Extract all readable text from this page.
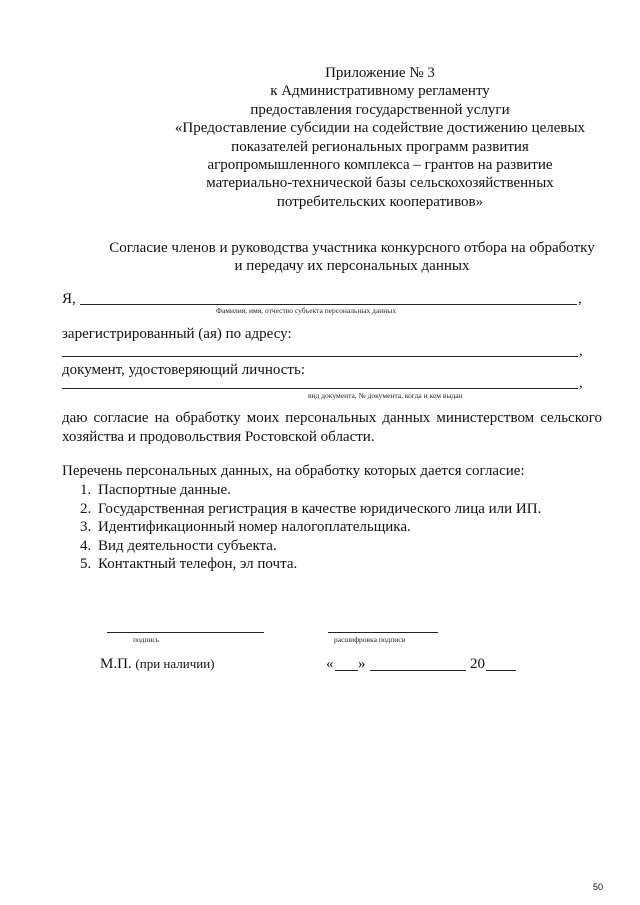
Приложение № 3
к Административному регламенту
предоставления государственной услуги
«Предоставление субсидии на содействие достижению целевых
показателей региональных программ развития
агропромышленного комплекса – грантов на развитие
материально-технической базы сельскохозяйственных
потребительских кооперативов»
Согласие членов и руководства участника конкурсного отбора на обработку
и передачу их персональных данных
Я,	,
Фамилия, имя, отчество субъекта персональных данных
зарегистрированный (ая) по адресу:
,
документ, удостоверяющий личность:
,
вид документа, № документа, когда и кем выдан
даю согласие на обработку моих персональных данных министерством сельского хозяйства и продовольствия Ростовской области.
Перечень персональных данных, на обработку которых дается согласие:
1. Паспортные данные.
2. Государственная регистрация в качестве юридического лица или ИП.
3. Идентификационный номер налогоплательщика.
4. Вид деятельности субъекта.
5. Контактный телефон, эл почта.
подпись	расшифровка подписи
М.П. (при наличии)	« »	20
50
